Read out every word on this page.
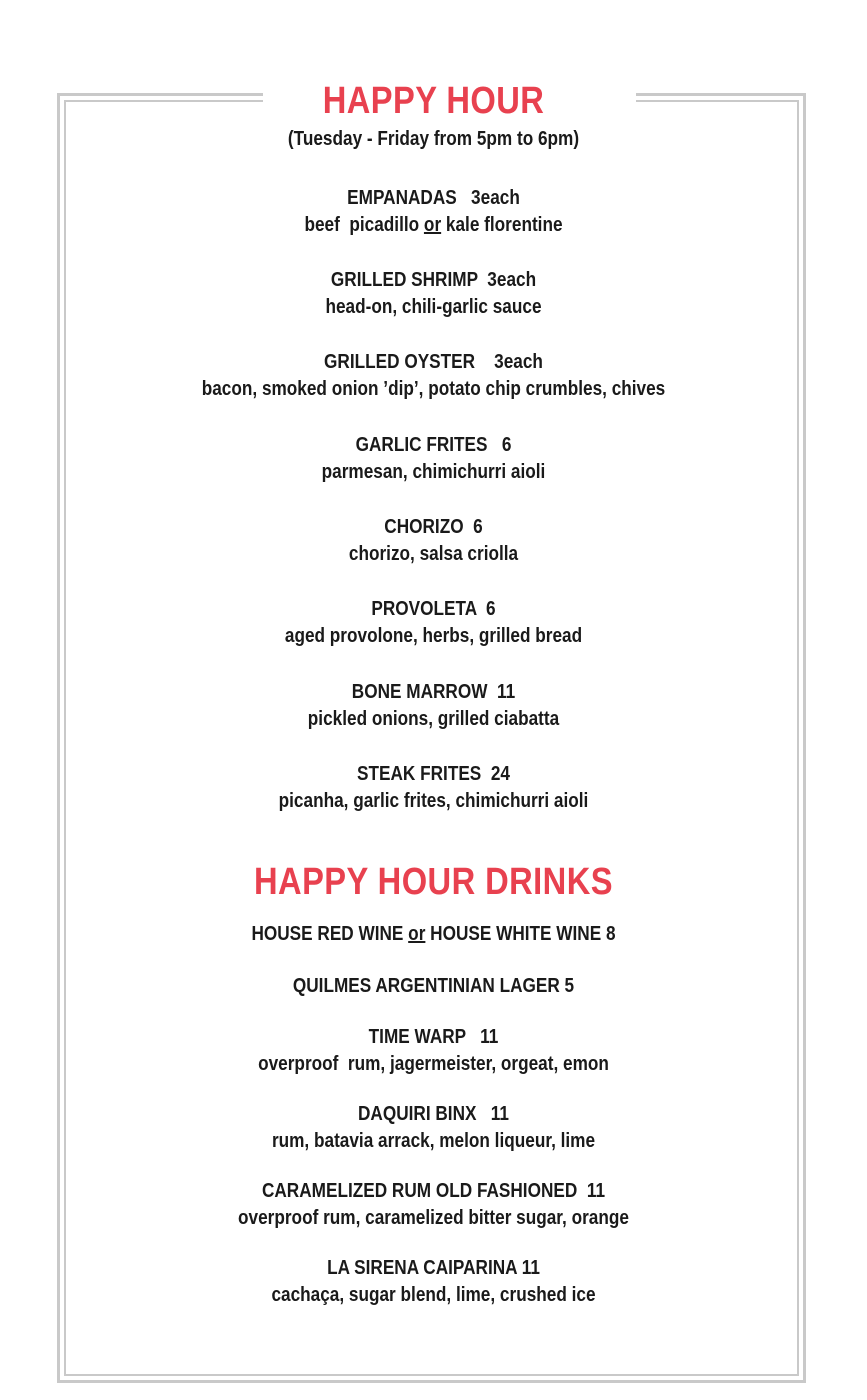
HAPPY HOUR
(Tuesday - Friday from 5pm to 6pm)
EMPANADAS   3each
beef  picadillo or kale florentine
GRILLED SHRIMP  3each
head-on, chili-garlic sauce
GRILLED OYSTER    3each
bacon, smoked onion ’dip’, potato chip crumbles, chives
GARLIC FRITES   6
parmesan, chimichurri aioli
CHORIZO  6
chorizo, salsa criolla
PROVOLETA  6
aged provolone, herbs, grilled bread
BONE MARROW  11
pickled onions, grilled ciabatta
STEAK FRITES  24
picanha, garlic frites, chimichurri aioli
HAPPY HOUR DRINKS
HOUSE RED WINE or HOUSE WHITE WINE 8
QUILMES ARGENTINIAN LAGER 5
TIME WARP   11
overproof  rum, jagermeister, orgeat, emon
DAQUIRI BINX   11
rum, batavia arrack, melon liqueur, lime
CARAMELIZED RUM OLD FASHIONED  11
overproof rum, caramelized bitter sugar, orange
LA SIRENA CAIPARINA 11
cachaça, sugar blend, lime, crushed ice
